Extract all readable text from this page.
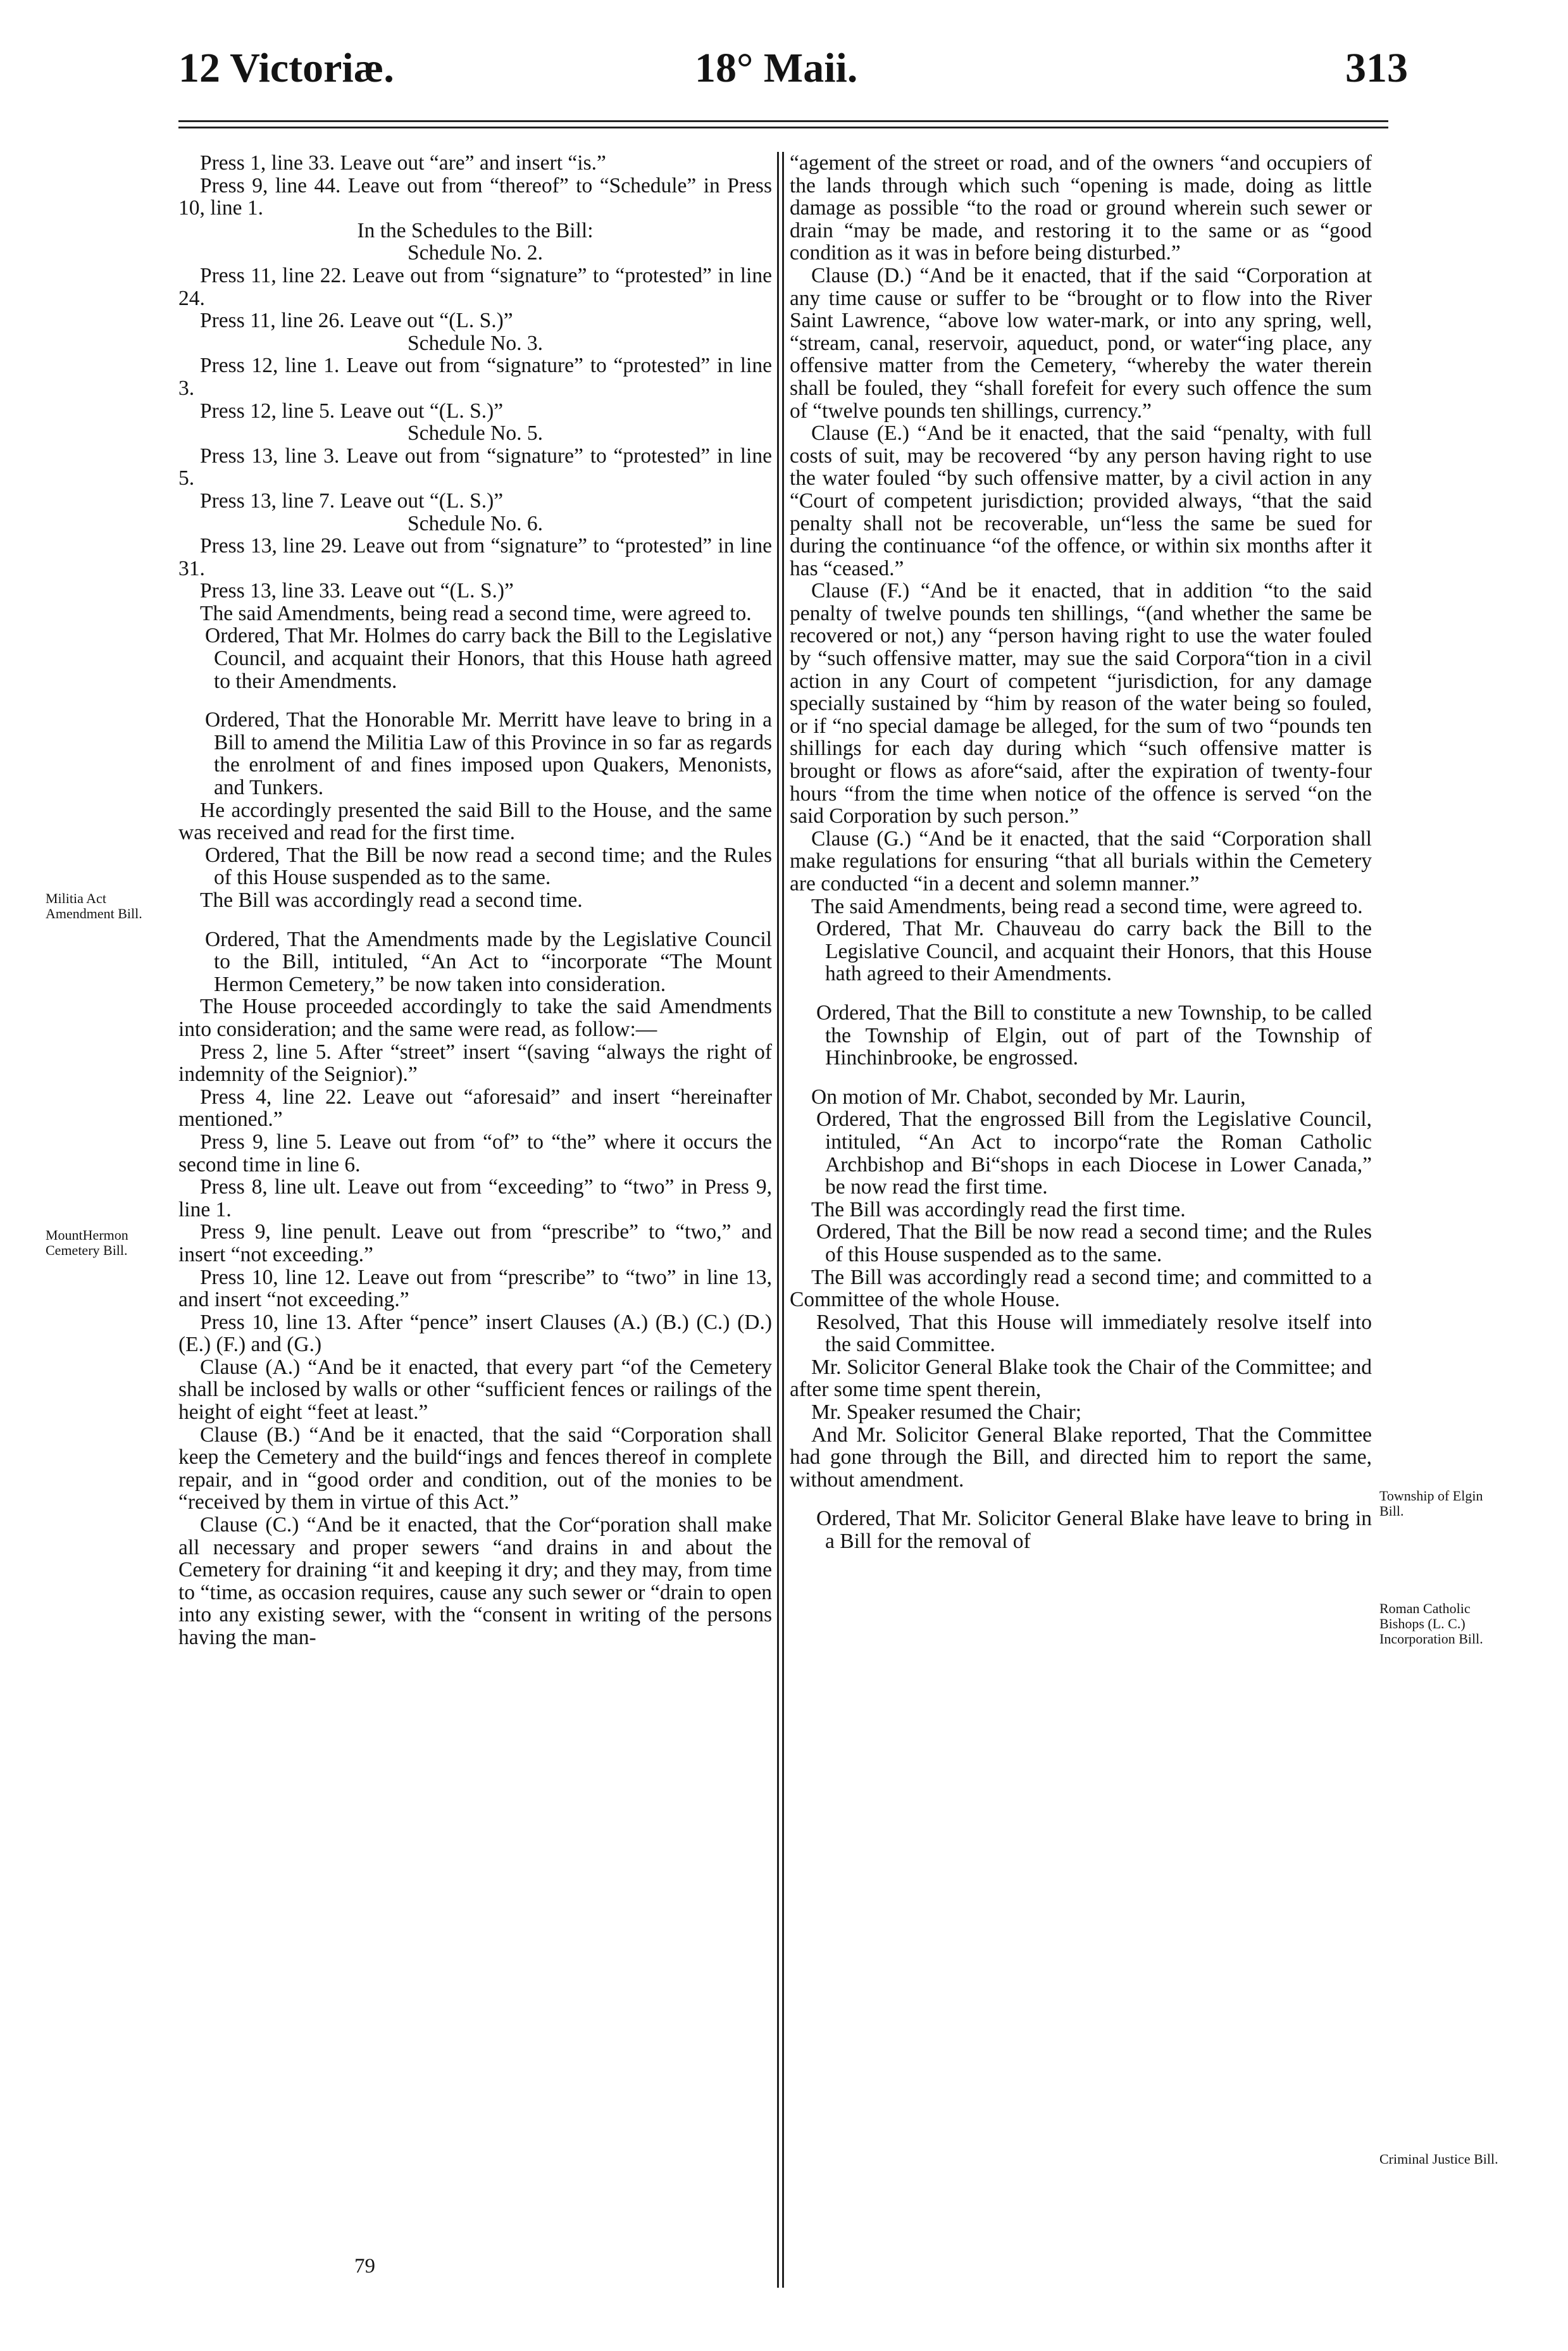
12 Victoriæ.	18° Maii.	313

Press 1, line 33. Leave out “are” and insert “is.”

Press 9, line 44. Leave out from “thereof” to “Schedule” in Press 10, line 1.

In the Schedules to the Bill:

Schedule No. 2.

Press 11, line 22. Leave out from “signature” to “protested” in line 24.

Press 11, line 26. Leave out “(L. S.)”

Schedule No. 3.

Press 12, line 1. Leave out from “signature” to “protested” in line 3.

Press 12, line 5. Leave out “(L. S.)”

Schedule No. 5.

Press 13, line 3. Leave out from “signature” to “protested” in line 5.

Press 13, line 7. Leave out “(L. S.)”

Schedule No. 6.

Press 13, line 29. Leave out from “signature” to “protested” in line 31.

Press 13, line 33. Leave out “(L. S.)”

The said Amendments, being read a second time, were agreed to.

Ordered, That Mr. Holmes do carry back the Bill to the Legislative Council, and acquaint their Honors, that this House hath agreed to their Amendments.

Ordered, That the Honorable Mr. Merritt have leave to bring in a Bill to amend the Militia Law of this Province in so far as regards the enrolment of and fines imposed upon Quakers, Menonists, and Tunkers.

He accordingly presented the said Bill to the House, and the same was received and read for the first time.

Ordered, That the Bill be now read a second time; and the Rules of this House suspended as to the same.

The Bill was accordingly read a second time.

Ordered, That the Amendments made by the Legislative Council to the Bill, intituled, “An Act to “incorporate “The Mount Hermon Cemetery,” be now taken into consideration.

The House proceeded accordingly to take the said Amendments into consideration; and the same were read, as follow:—

Press 2, line 5. After “street” insert “(saving “always the right of indemnity of the Seignior).”

Press 4, line 22. Leave out “aforesaid” and insert “hereinafter mentioned.”

Press 9, line 5. Leave out from “of” to “the” where it occurs the second time in line 6.

Press 8, line ult. Leave out from “exceeding” to “two” in Press 9, line 1.

Press 9, line penult. Leave out from “prescribe” to “two,” and insert “not exceeding.”

Press 10, line 12. Leave out from “prescribe” to “two” in line 13, and insert “not exceeding.”

Press 10, line 13. After “pence” insert Clauses (A.) (B.) (C.) (D.) (E.) (F.) and (G.)

Clause (A.) “And be it enacted, that every part “of the Cemetery shall be inclosed by walls or other “sufficient fences or railings of the height of eight “feet at least.”

Clause (B.) “And be it enacted, that the said “Corporation shall keep the Cemetery and the build“ings and fences thereof in complete repair, and in “good order and condition, out of the monies to be “received by them in virtue of this Act.”

Clause (C.) “And be it enacted, that the Cor“poration shall make all necessary and proper sewers “and drains in and about the Cemetery for draining “it and keeping it dry; and they may, from time to “time, as occasion requires, cause any such sewer or “drain to open into any existing sewer, with the “consent in writing of the persons having the man-

“agement of the street or road, and of the owners “and occupiers of the lands through which such “opening is made, doing as little damage as possible “to the road or ground wherein such sewer or drain “may be made, and restoring it to the same or as “good condition as it was in before being disturbed.”

Clause (D.) “And be it enacted, that if the said “Corporation at any time cause or suffer to be “brought or to flow into the River Saint Lawrence, “above low water-mark, or into any spring, well, “stream, canal, reservoir, aqueduct, pond, or water“ing place, any offensive matter from the Cemetery, “whereby the water therein shall be fouled, they “shall forefeit for every such offence the sum of “twelve pounds ten shillings, currency.”

Clause (E.) “And be it enacted, that the said “penalty, with full costs of suit, may be recovered “by any person having right to use the water fouled “by such offensive matter, by a civil action in any “Court of competent jurisdiction; provided always, “that the said penalty shall not be recoverable, un“less the same be sued for during the continuance “of the offence, or within six months after it has “ceased.”

Clause (F.) “And be it enacted, that in addition “to the said penalty of twelve pounds ten shillings, “(and whether the same be recovered or not,) any “person having right to use the water fouled by “such offensive matter, may sue the said Corpora“tion in a civil action in any Court of competent “jurisdiction, for any damage specially sustained by “him by reason of the water being so fouled, or if “no special damage be alleged, for the sum of two “pounds ten shillings for each day during which “such offensive matter is brought or flows as afore“said, after the expiration of twenty-four hours “from the time when notice of the offence is served “on the said Corporation by such person.”

Clause (G.) “And be it enacted, that the said “Corporation shall make regulations for ensuring “that all burials within the Cemetery are conducted “in a decent and solemn manner.”

The said Amendments, being read a second time, were agreed to.

Ordered, That Mr. Chauveau do carry back the Bill to the Legislative Council, and acquaint their Honors, that this House hath agreed to their Amendments.

Ordered, That the Bill to constitute a new Township, to be called the Township of Elgin, out of part of the Township of Hinchinbrooke, be engrossed.

On motion of Mr. Chabot, seconded by Mr. Laurin,

Ordered, That the engrossed Bill from the Legislative Council, intituled, “An Act to incorpo“rate the Roman Catholic Archbishop and Bi“shops in each Diocese in Lower Canada,” be now read the first time.

The Bill was accordingly read the first time.

Ordered, That the Bill be now read a second time; and the Rules of this House suspended as to the same.

The Bill was accordingly read a second time; and committed to a Committee of the whole House.

Resolved, That this House will immediately resolve itself into the said Committee.

Mr. Solicitor General Blake took the Chair of the Committee; and after some time spent therein,

Mr. Speaker resumed the Chair;

And Mr. Solicitor General Blake reported, That the Committee had gone through the Bill, and directed him to report the same, without amendment.

Ordered, That Mr. Solicitor General Blake have leave to bring in a Bill for the removal of

Militia Act Amendment Bill.
MountHermon Cemetery Bill.
Township of Elgin Bill.
Roman Catholic Bishops (L. C.) Incorporation Bill.
Criminal Justice Bill.
79
